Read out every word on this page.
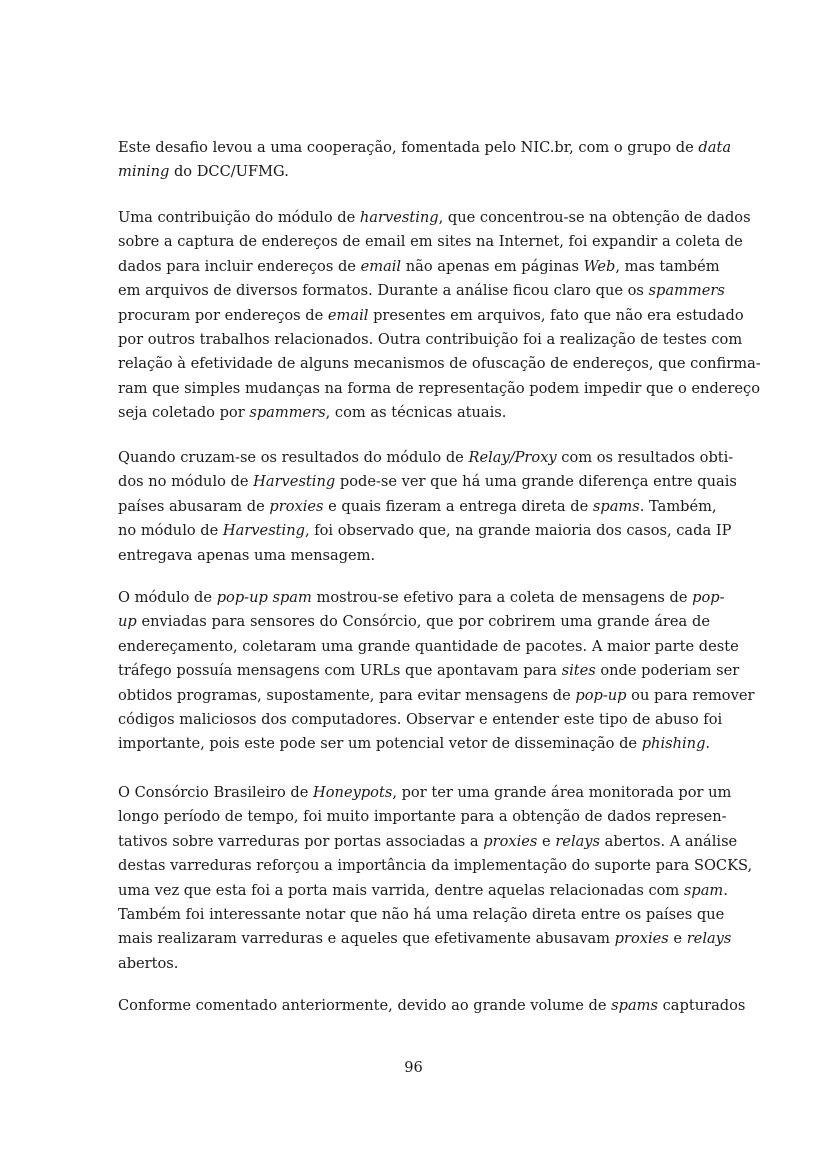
Este desafio levou a uma cooperação, fomentada pelo NIC.br, com o grupo de data
mining do DCC/UFMG.
Uma contribuição do módulo de harvesting, que concentrou-se na obtenção de dados
sobre a captura de endereços de email em sites na Internet, foi expandir a coleta de
dados para incluir endereços de email não apenas em páginas Web, mas também
em arquivos de diversos formatos. Durante a análise ficou claro que os spammers
procuram por endereços de email presentes em arquivos, fato que não era estudado
por outros trabalhos relacionados. Outra contribuição foi a realização de testes com
relação à efetividade de alguns mecanismos de ofuscação de endereços, que confirma-
ram que simples mudanças na forma de representação podem impedir que o endereço
seja coletado por spammers, com as técnicas atuais.
Quando cruzam-se os resultados do módulo de Relay/Proxy com os resultados obti-
dos no módulo de Harvesting pode-se ver que há uma grande diferença entre quais
países abusaram de proxies e quais fizeram a entrega direta de spams. Também,
no módulo de Harvesting, foi observado que, na grande maioria dos casos, cada IP
entregava apenas uma mensagem.
O módulo de pop-up spam mostrou-se efetivo para a coleta de mensagens de pop-
up enviadas para sensores do Consórcio, que por cobrirem uma grande área de
endereçamento, coletaram uma grande quantidade de pacotes. A maior parte deste
tráfego possuía mensagens com URLs que apontavam para sites onde poderiam ser
obtidos programas, supostamente, para evitar mensagens de pop-up ou para remover
códigos maliciosos dos computadores. Observar e entender este tipo de abuso foi
importante, pois este pode ser um potencial vetor de disseminação de phishing.
O Consórcio Brasileiro de Honeypots, por ter uma grande área monitorada por um
longo período de tempo, foi muito importante para a obtenção de dados represen-
tativos sobre varreduras por portas associadas a proxies e relays abertos. A análise
destas varreduras reforçou a importância da implementação do suporte para SOCKS,
uma vez que esta foi a porta mais varrida, dentre aquelas relacionadas com spam.
Também foi interessante notar que não há uma relação direta entre os países que
mais realizaram varreduras e aqueles que efetivamente abusavam proxies e relays
abertos.
Conforme comentado anteriormente, devido ao grande volume de spams capturados
96
